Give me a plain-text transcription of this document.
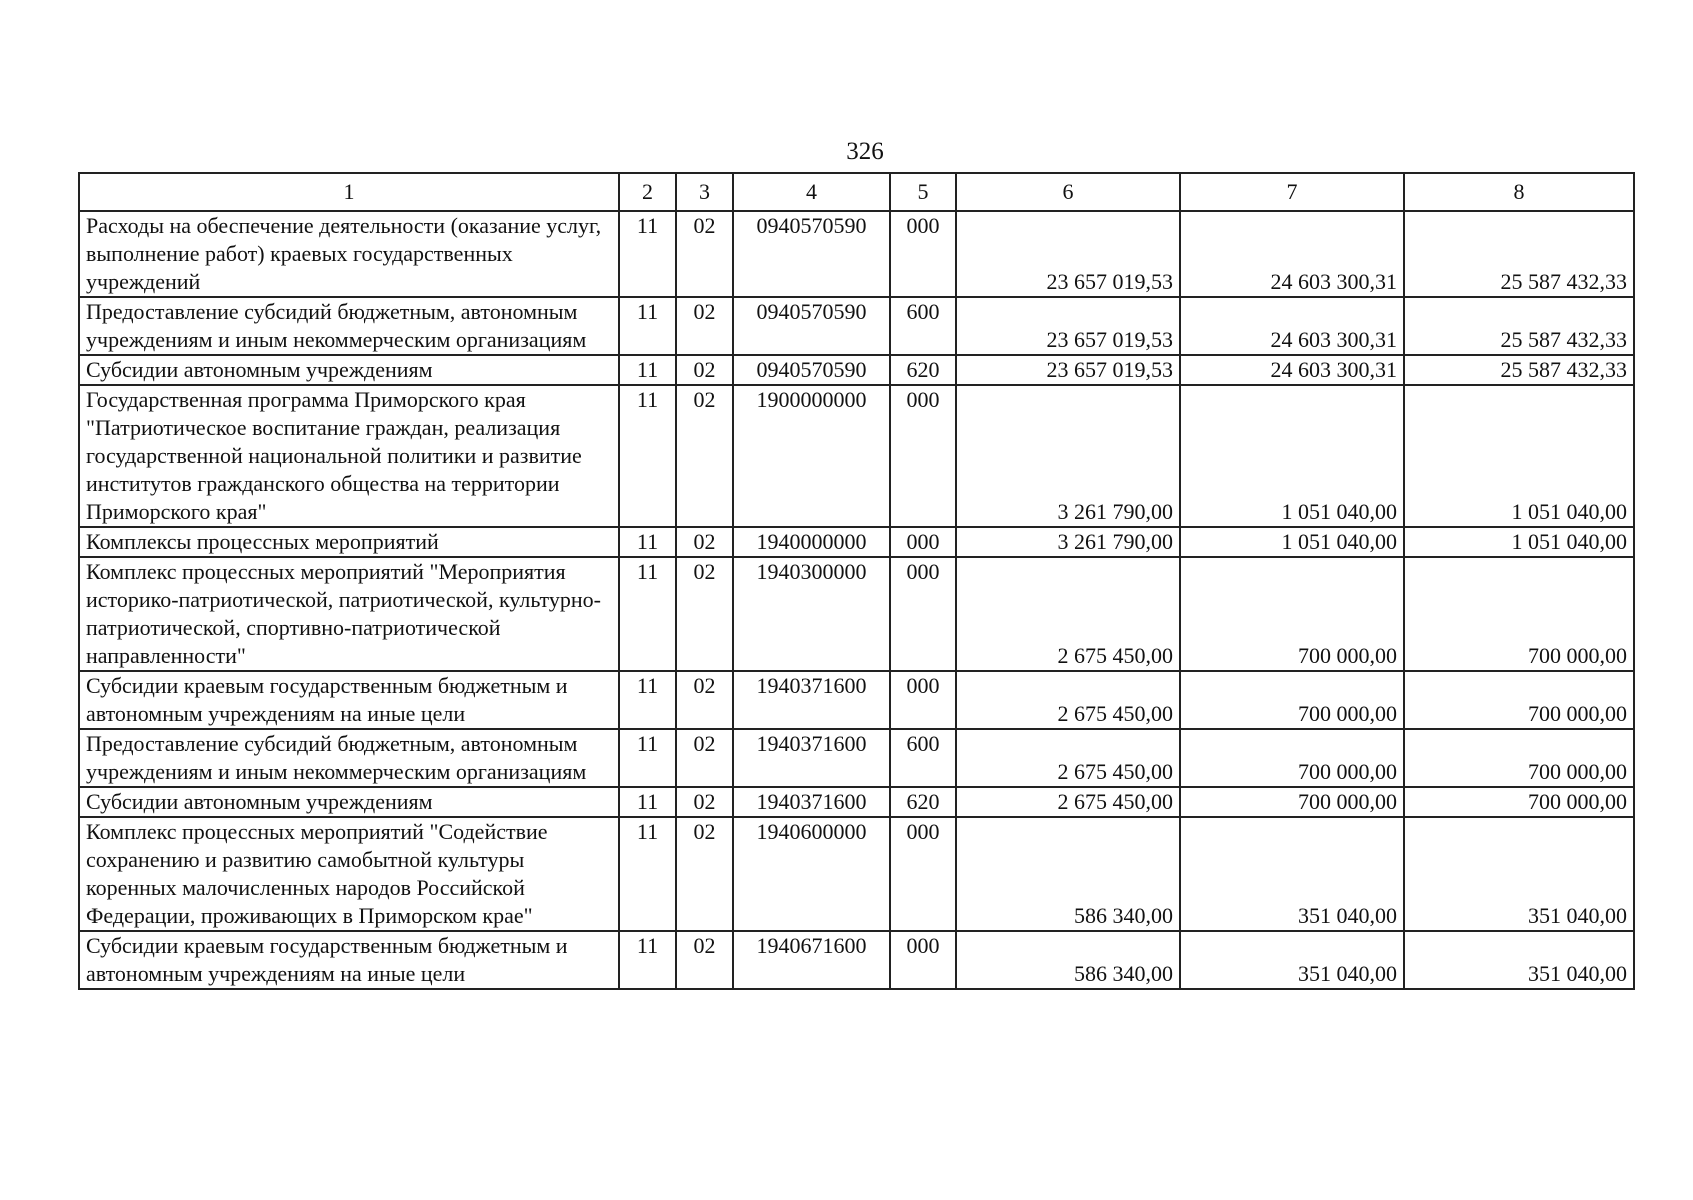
326
1	2	3	4	5	6	7	8
Расходы на обеспечение деятельности (оказание услуг, выполнение работ) краевых государственных учреждений	11	02	0940570590	000	23 657 019,53	24 603 300,31	25 587 432,33
Предоставление субсидий бюджетным, автономным учреждениям и иным некоммерческим организациям	11	02	0940570590	600	23 657 019,53	24 603 300,31	25 587 432,33
Субсидии автономным учреждениям	11	02	0940570590	620	23 657 019,53	24 603 300,31	25 587 432,33
Государственная программа Приморского края "Патриотическое воспитание граждан, реализация государственной национальной политики и развитие институтов гражданского общества на территории Приморского края"	11	02	1900000000	000	3 261 790,00	1 051 040,00	1 051 040,00
Комплексы процессных мероприятий	11	02	1940000000	000	3 261 790,00	1 051 040,00	1 051 040,00
Комплекс процессных мероприятий "Мероприятия историко-патриотической, патриотической, культурно-патриотической, спортивно-патриотической направленности"	11	02	1940300000	000	2 675 450,00	700 000,00	700 000,00
Субсидии краевым государственным бюджетным и автономным учреждениям на иные цели	11	02	1940371600	000	2 675 450,00	700 000,00	700 000,00
Предоставление субсидий бюджетным, автономным учреждениям и иным некоммерческим организациям	11	02	1940371600	600	2 675 450,00	700 000,00	700 000,00
Субсидии автономным учреждениям	11	02	1940371600	620	2 675 450,00	700 000,00	700 000,00
Комплекс процессных мероприятий "Содействие сохранению и развитию самобытной культуры коренных малочисленных народов Российской Федерации, проживающих в Приморском крае"	11	02	1940600000	000	586 340,00	351 040,00	351 040,00
Субсидии краевым государственным бюджетным и автономным учреждениям на иные цели	11	02	1940671600	000	586 340,00	351 040,00	351 040,00
